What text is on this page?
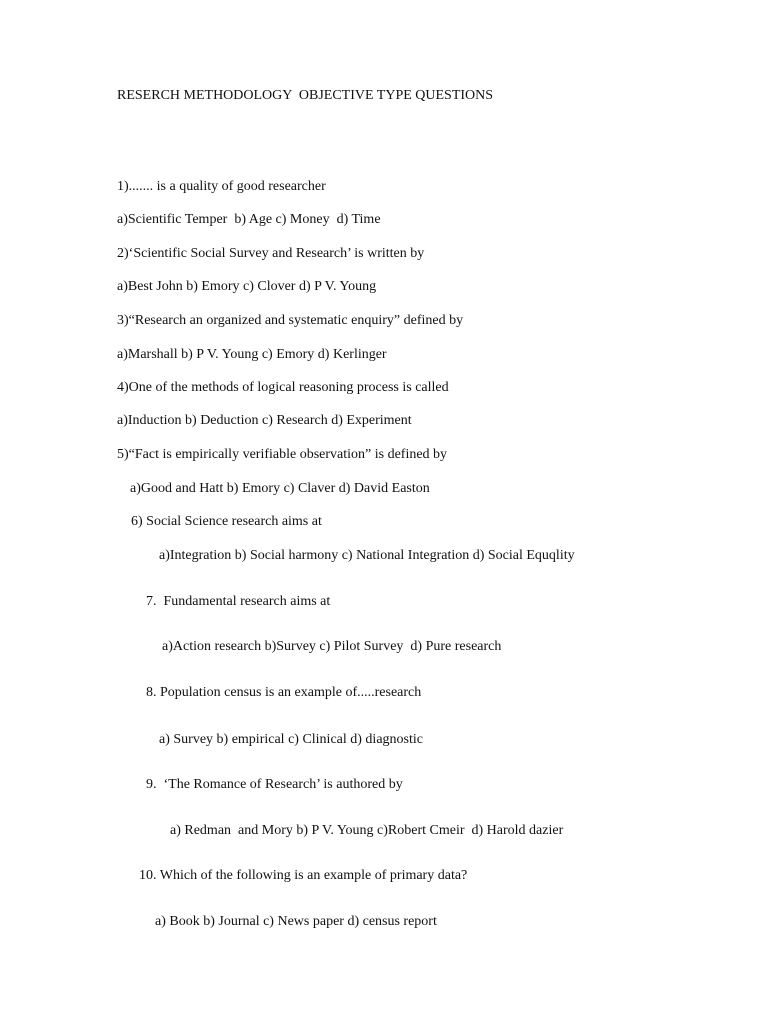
RESERCH METHODOLOGY  OBJECTIVE TYPE QUESTIONS

1)....... is a quality of good researcher

a)Scientific Temper  b) Age c) Money  d) Time

2)‘Scientific Social Survey and Research’ is written by

a)Best John b) Emory c) Clover d) P V. Young

3)“Research an organized and systematic enquiry” defined by

a)Marshall b) P V. Young c) Emory d) Kerlinger

4)One of the methods of logical reasoning process is called

a)Induction b) Deduction c) Research d) Experiment

5)“Fact is empirically verifiable observation” is defined by

a)Good and Hatt b) Emory c) Claver d) David Easton

6) Social Science research aims at

a)Integration b) Social harmony c) National Integration d) Social Equqlity

7.  Fundamental research aims at

a)Action research b)Survey c) Pilot Survey  d) Pure research

8. Population census is an example of.....research

a) Survey b) empirical c) Clinical d) diagnostic

9.  ‘The Romance of Research’ is authored by

a) Redman  and Mory b) P V. Young c)Robert Cmeir  d) Harold dazier

10. Which of the following is an example of primary data?

a) Book b) Journal c) News paper d) census report
